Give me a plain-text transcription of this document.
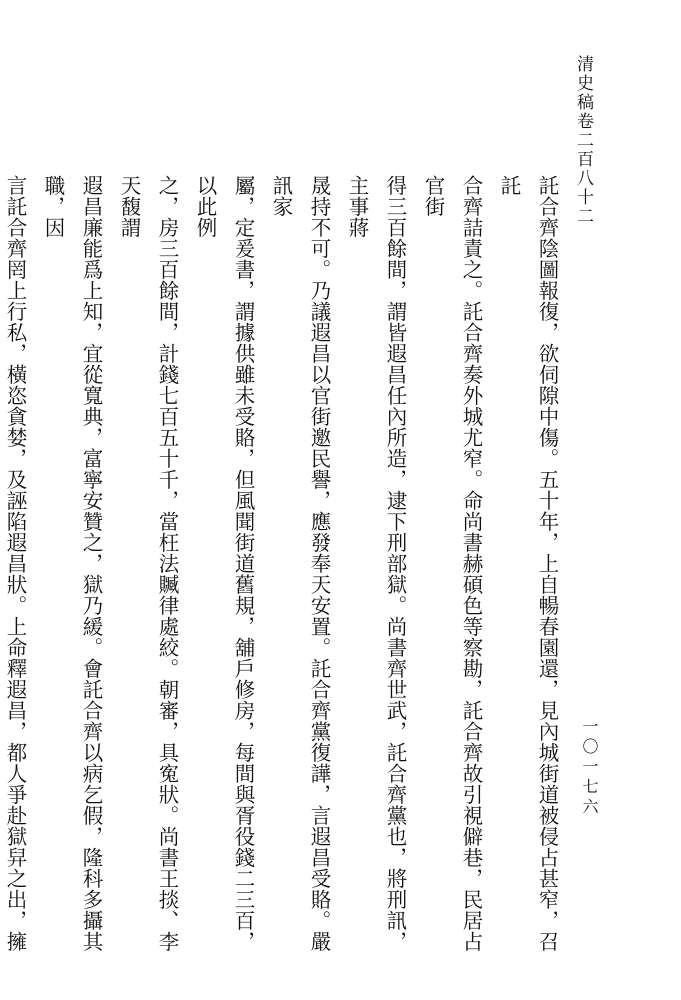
清史稿卷二百八十二
託合齊陰圖報復，欲伺隙中傷。五十年，上自暢春園還，見內城街道被侵占甚窄，召託
合齊詰責之。託合齊奏外城尤窄。命尚書赫碩色等察勘，託合齊故引視僻巷，民居占官街
得三百餘間，謂皆遐昌任內所造，逮下刑部獄。尚書齊世武，託合齊黨也，將刑訊，主事蔣
晟持不可。乃議遐昌以官街邀民譽，應發奉天安置。託合齊黨復譁，言遐昌受賂。嚴訊家
屬，定爰書，謂據供雖未受賂，但風聞街道舊規，舖戶修房，每間與胥役錢二三百，以此例
之，房三百餘間，計錢七百五十千，當枉法贓律處絞。朝審，具寃狀。尚書王掞、李天馥謂
遐昌廉能爲上知，宜從寬典，富寧安贊之，獄乃緩。會託合齊以病乞假，隆科多攝其職，因
言託合齊罔上行私，橫恣貪婪，及誣陷遐昌狀。上命釋遐昌，都人爭赴獄舁之出，擁
一〇一七六
